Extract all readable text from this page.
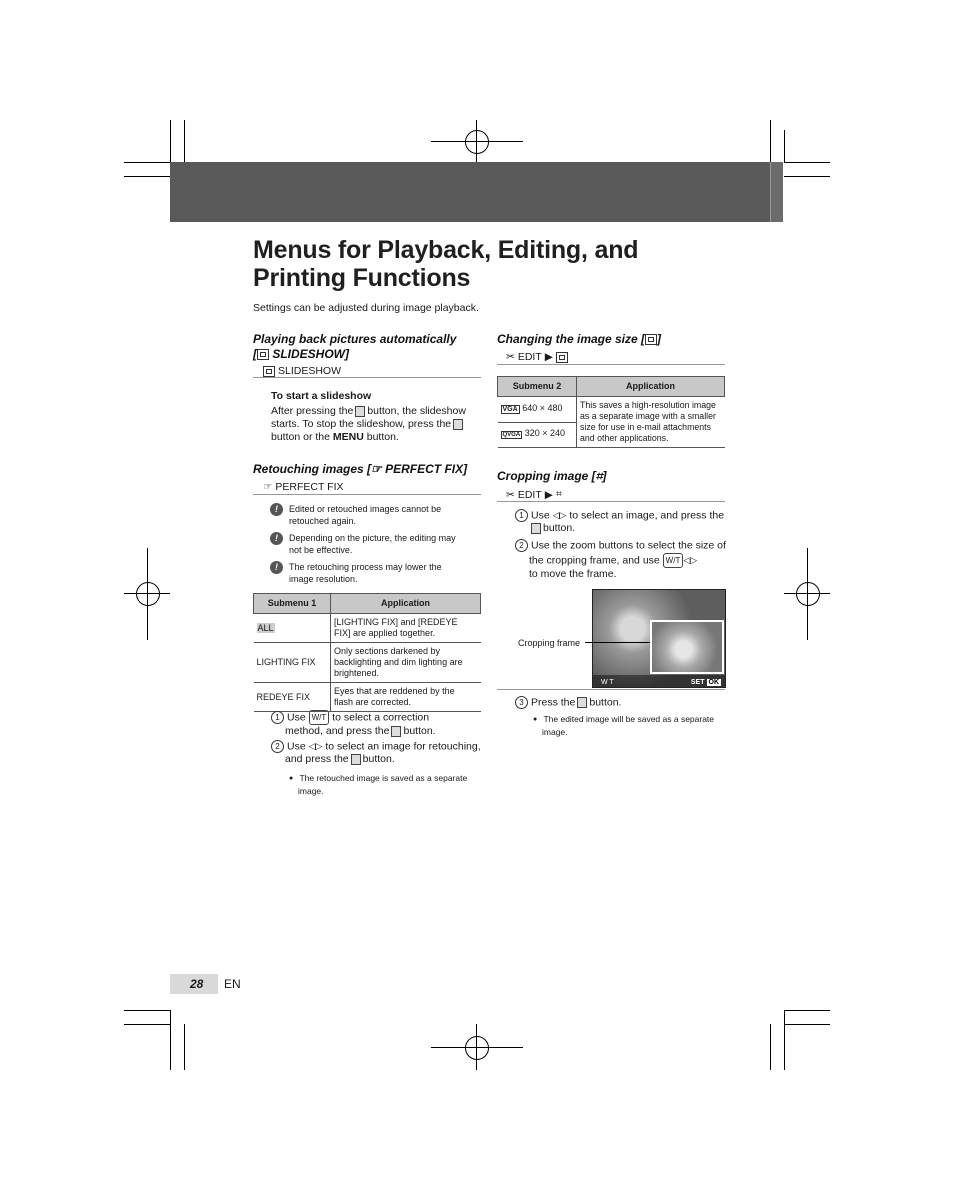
Menus for Playback, Editing, and
Printing Functions
Settings can be adjusted during image playback.
Playing back pictures automatically
[ SLIDESHOW]
SLIDESHOW
To start a slideshow
After pressing the button, the slideshow
starts. To stop the slideshow, press the
button or the MENU button.
Retouching images [☞ PERFECT FIX]
☞ PERFECT FIX
!	Edited or retouched images cannot be
retouched again.
!	Depending on the picture, the editing may
not be effective.
!	The retouching process may lower the
image resolution.
Submenu 1	Application
ALL	[LIGHTING FIX] and [REDEYE
FIX] are applied together.

LIGHTING FIX	Only sections darkened by
backlighting and dim lighting are
brightened.

REDEYE FIX	Eyes that are reddened by the
flash are corrected.
1 Use W/T to select a correction
method, and press the button.
2 Use ◁▷ to select an image for retouching,
and press the button.
● The retouched image is saved as a separate
image.
Changing the image size [ ]
✂ EDIT ▶
Submenu 2	Application
VGA 640 × 480	This saves a high-resolution image
as a separate image with a smaller
size for use in e-mail attachments
and other applications.

QVGA 320 × 240	
Cropping image [⌗]
✂ EDIT ▶ ⌗
1 Use ◁▷ to select an image, and press the
button.
2 Use the zoom buttons to select the size of
the cropping frame, and use W/T ◁▷
to move the frame.
W T	SET OK
Cropping frame
3 Press the button.
● The edited image will be saved as a separate
image.
28 EN
